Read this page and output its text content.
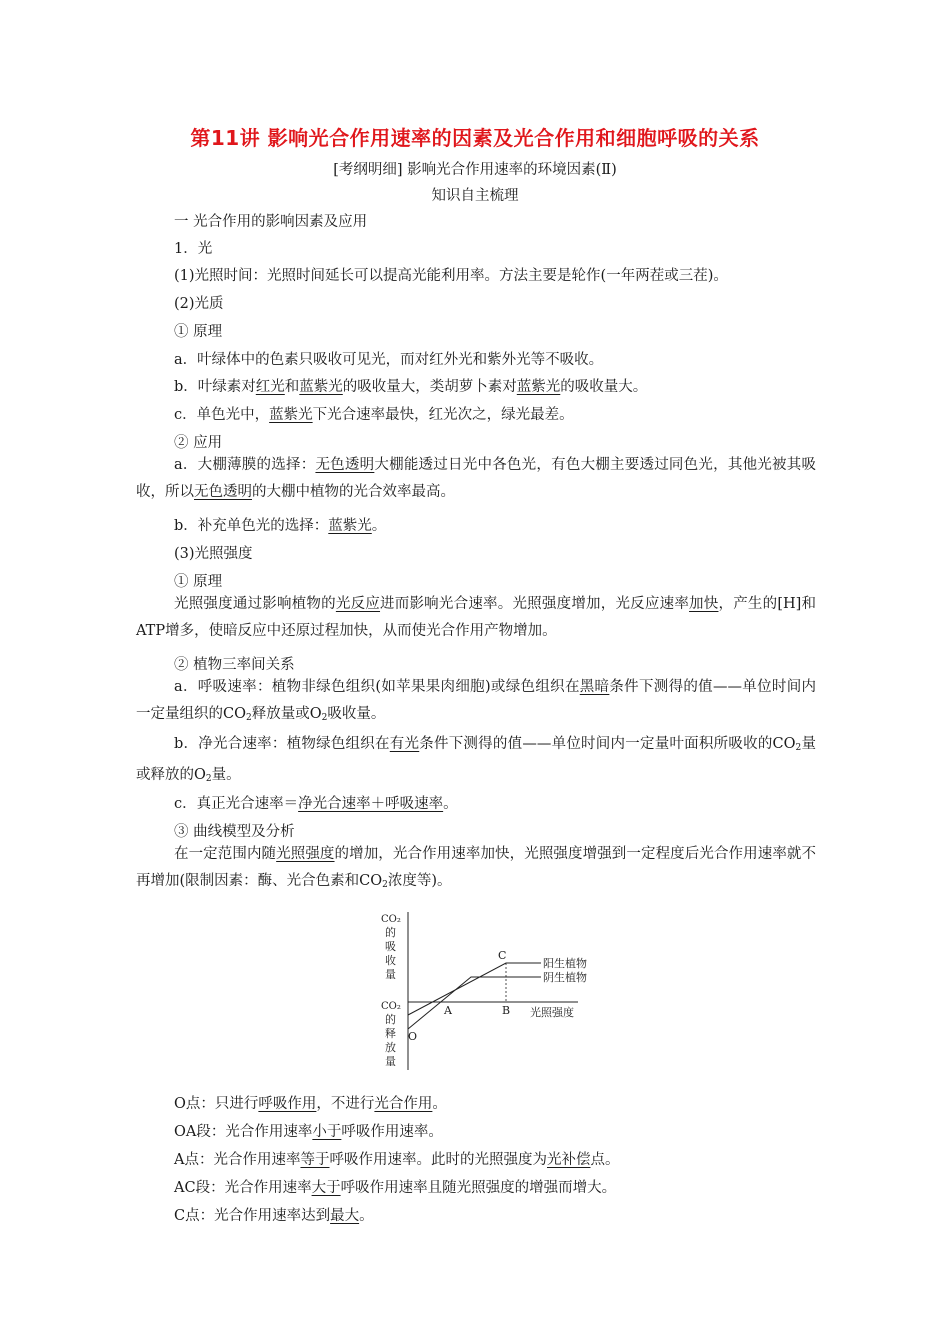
第11讲 影响光合作用速率的因素及光合作用和细胞呼吸的关系
[考纲明细] 影响光合作用速率的环境因素(Ⅱ)
知识自主梳理
一 光合作用的影响因素及应用
1．光
(1)光照时间：光照时间延长可以提高光能利用率。方法主要是轮作(一年两茬或三茬)。
(2)光质
① 原理
a．叶绿体中的色素只吸收可见光，而对红外光和紫外光等不吸收。
b．叶绿素对红光和蓝紫光的吸收量大，类胡萝卜素对蓝紫光的吸收量大。
c．单色光中，蓝紫光下光合速率最快，红光次之，绿光最差。
② 应用
a．大棚薄膜的选择：无色透明大棚能透过日光中各色光，有色大棚主要透过同色光，其他光被其吸收，所以无色透明的大棚中植物的光合效率最高。
b．补充单色光的选择：蓝紫光。
(3)光照强度
① 原理
光照强度通过影响植物的光反应进而影响光合速率。光照强度增加，光反应速率加快，产生的[H]和ATP增多，使暗反应中还原过程加快，从而使光合作用产物增加。
② 植物三率间关系
a．呼吸速率：植物非绿色组织(如苹果果肉细胞)或绿色组织在黑暗条件下测得的值——单位时间内一定量组织的$CO_2$释放量或$O_2$吸收量。
b．净光合速率：植物绿色组织在有光条件下测得的值——单位时间内一定量叶面积所吸收的$CO_2$量或释放的$O_2$量。
c．真正光合速率＝净光合速率＋呼吸速率。
③ 曲线模型及分析
在一定范围内随光照强度的增加，光合作用速率加快，光照强度增强到一定程度后光合作用速率就不再增加(限制因素：酶、光合色素和$CO_2$浓度等)。
CO₂
的
吸
收
量
CO₂
的
释
放
量
O
A	B
C
阳生植物
阴生植物
光照强度
O点：只进行呼吸作用，不进行光合作用。
OA段：光合作用速率小于呼吸作用速率。
A点：光合作用速率等于呼吸作用速率。此时的光照强度为光补偿点。
AC段：光合作用速率大于呼吸作用速率且随光照强度的增强而增大。
C点：光合作用速率达到最大。
